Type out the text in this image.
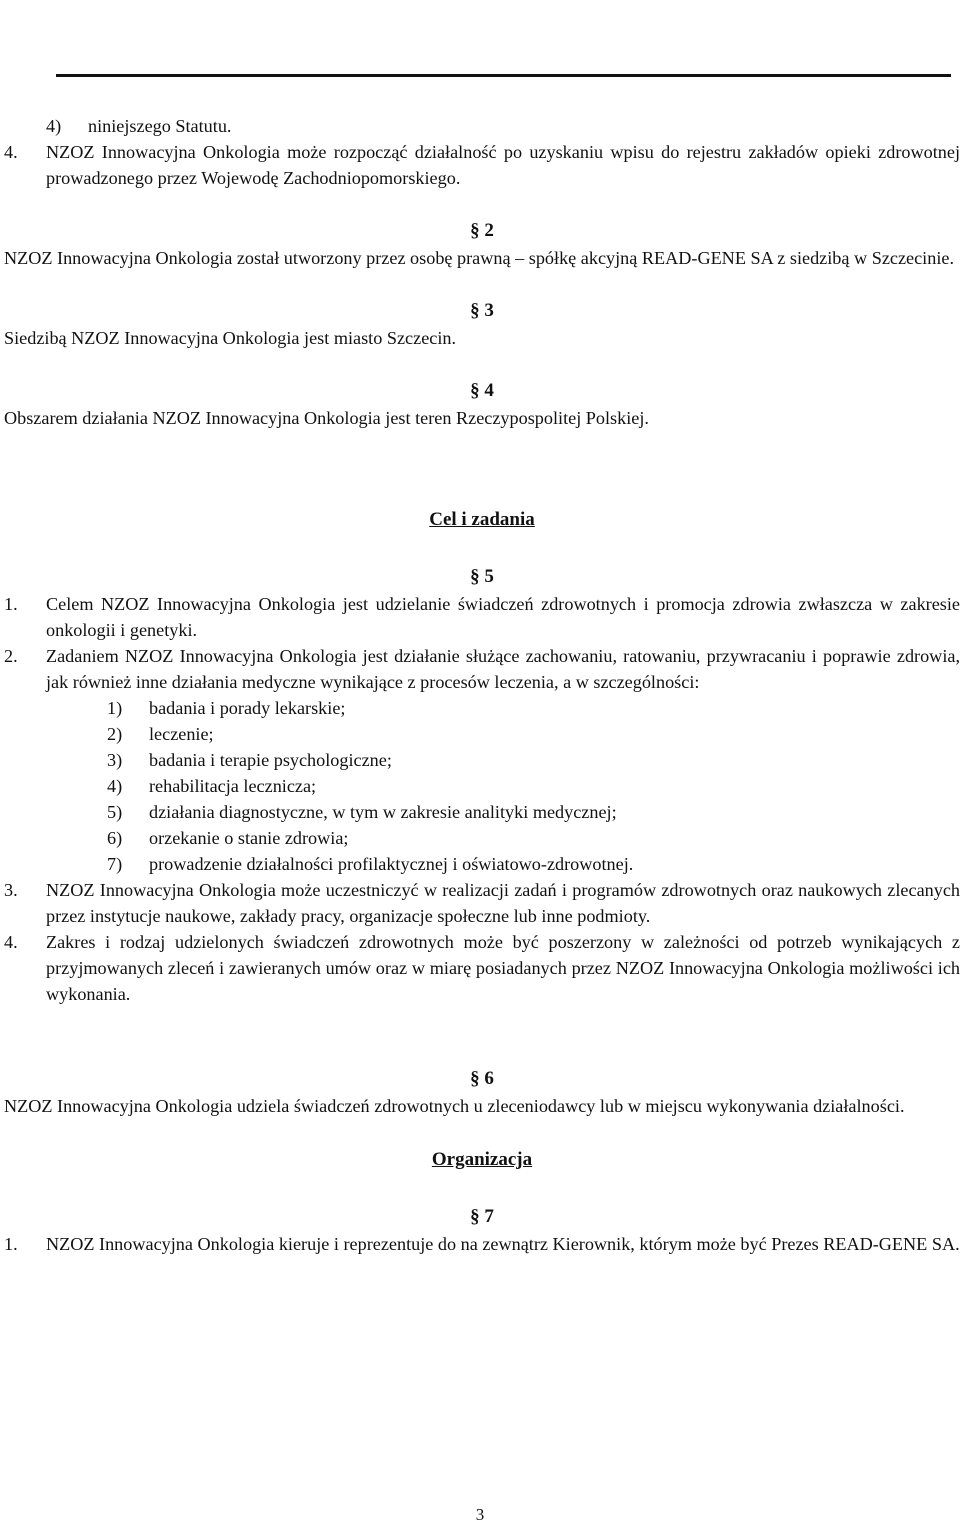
Projekty uchwał do porządku obrad Nadzwyczajnego Walnego Zgromadzenia Akcjonariuszy
Spółki „READ-GENE” S.A. w Szczecinie zwołanego na dzień 08 kwietnia 2009r.
4)	niniejszego Statutu.
4.	NZOZ Innowacyjna Onkologia może rozpocząć działalność po uzyskaniu wpisu do rejestru zakładów opieki zdrowotnej prowadzonego przez Wojewodę Zachodniopomorskiego.
§ 2
NZOZ Innowacyjna Onkologia został utworzony przez osobę prawną – spółkę akcyjną READ-GENE SA z siedzibą w Szczecinie.
§ 3
Siedzibą NZOZ Innowacyjna Onkologia jest miasto Szczecin.
§ 4
Obszarem działania NZOZ Innowacyjna Onkologia jest teren Rzeczypospolitej Polskiej.
Cel i zadania
§ 5
1.	Celem NZOZ Innowacyjna Onkologia jest udzielanie świadczeń zdrowotnych i promocja zdrowia zwłaszcza w zakresie onkologii i genetyki.
2.	Zadaniem NZOZ Innowacyjna Onkologia jest działanie służące zachowaniu, ratowaniu, przywracaniu i poprawie zdrowia, jak również inne działania medyczne wynikające z procesów leczenia, a w szczególności:
1)	badania i porady lekarskie;
2)	leczenie;
3)	badania i terapie psychologiczne;
4)	rehabilitacja lecznicza;
5)	działania diagnostyczne, w tym w zakresie analityki medycznej;
6)	orzekanie o stanie zdrowia;
7)	prowadzenie działalności profilaktycznej i oświatowo-zdrowotnej.
3.	NZOZ Innowacyjna Onkologia może uczestniczyć w realizacji zadań i programów zdrowotnych oraz naukowych zlecanych przez instytucje naukowe, zakłady pracy, organizacje społeczne lub inne podmioty.
4.	Zakres i rodzaj udzielonych świadczeń zdrowotnych może być poszerzony w zależności od potrzeb wynikających z przyjmowanych zleceń i zawieranych umów oraz w miarę posiadanych przez NZOZ Innowacyjna Onkologia możliwości ich wykonania.
§ 6
NZOZ Innowacyjna Onkologia udziela świadczeń zdrowotnych u zleceniodawcy lub w miejscu wykonywania działalności.
Organizacja
§ 7
1.	NZOZ Innowacyjna Onkologia kieruje i reprezentuje do na zewnątrz Kierownik, którym może być Prezes READ-GENE SA.
3
